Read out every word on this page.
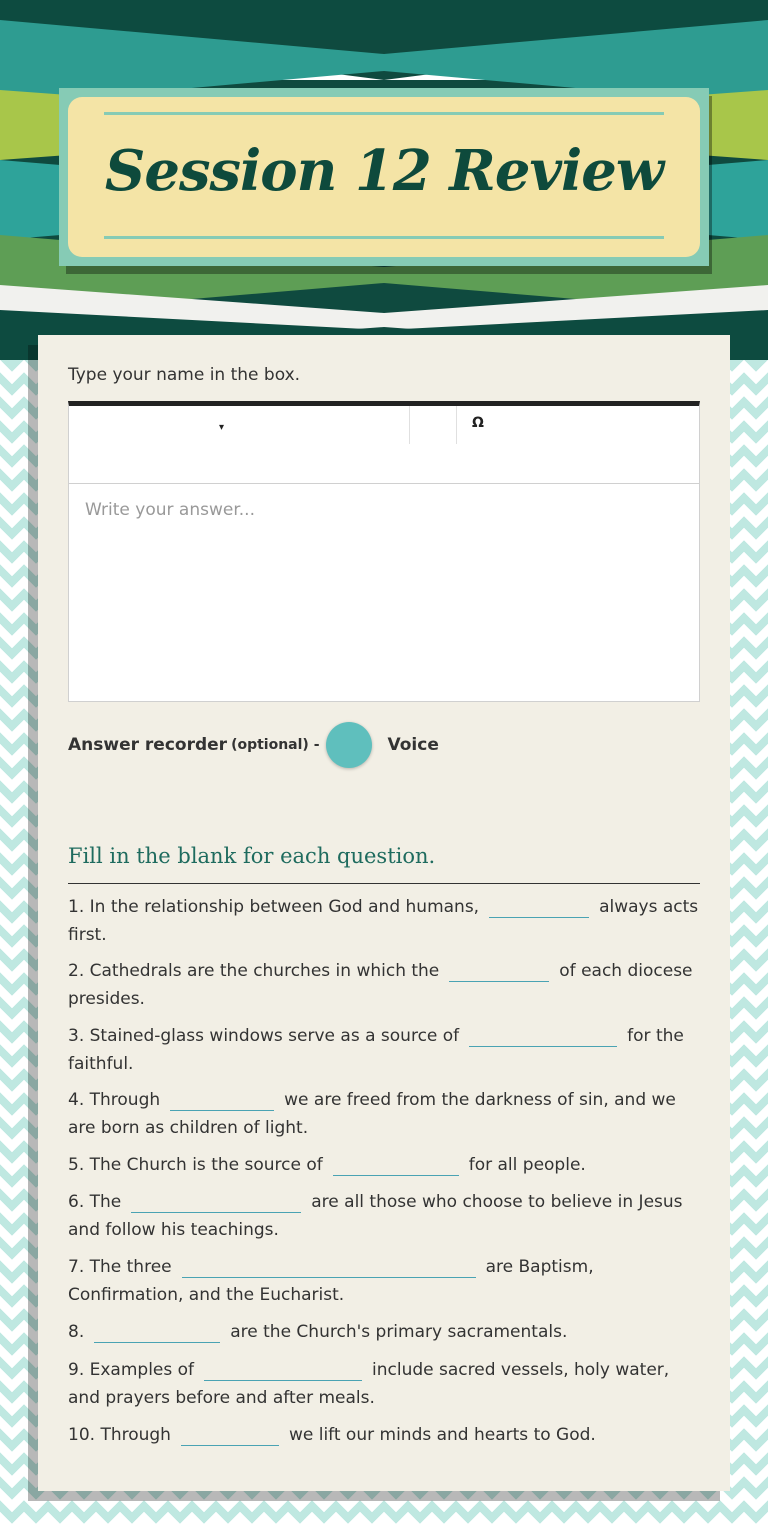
Session 12 Review
Type your name in the box.
▾	Ω
Write your answer...
Answer recorder (optional) -	Voice
Fill in the blank for each question.
1. In the relationship between God and humans,	always acts first.
2. Cathedrals are the churches in which the	of each diocese presides.
3. Stained-glass windows serve as a source of	for the faithful.
4. Through	we are freed from the darkness of sin, and we are born as children of light.
5. The Church is the source of	for all people.
6. The	are all those who choose to believe in Jesus and follow his teachings.
7. The three	are Baptism, Confirmation, and the Eucharist.
8.	are the Church's primary sacramentals.
9. Examples of	include sacred vessels, holy water, and prayers before and after meals.
10. Through	we lift our minds and hearts to God.
